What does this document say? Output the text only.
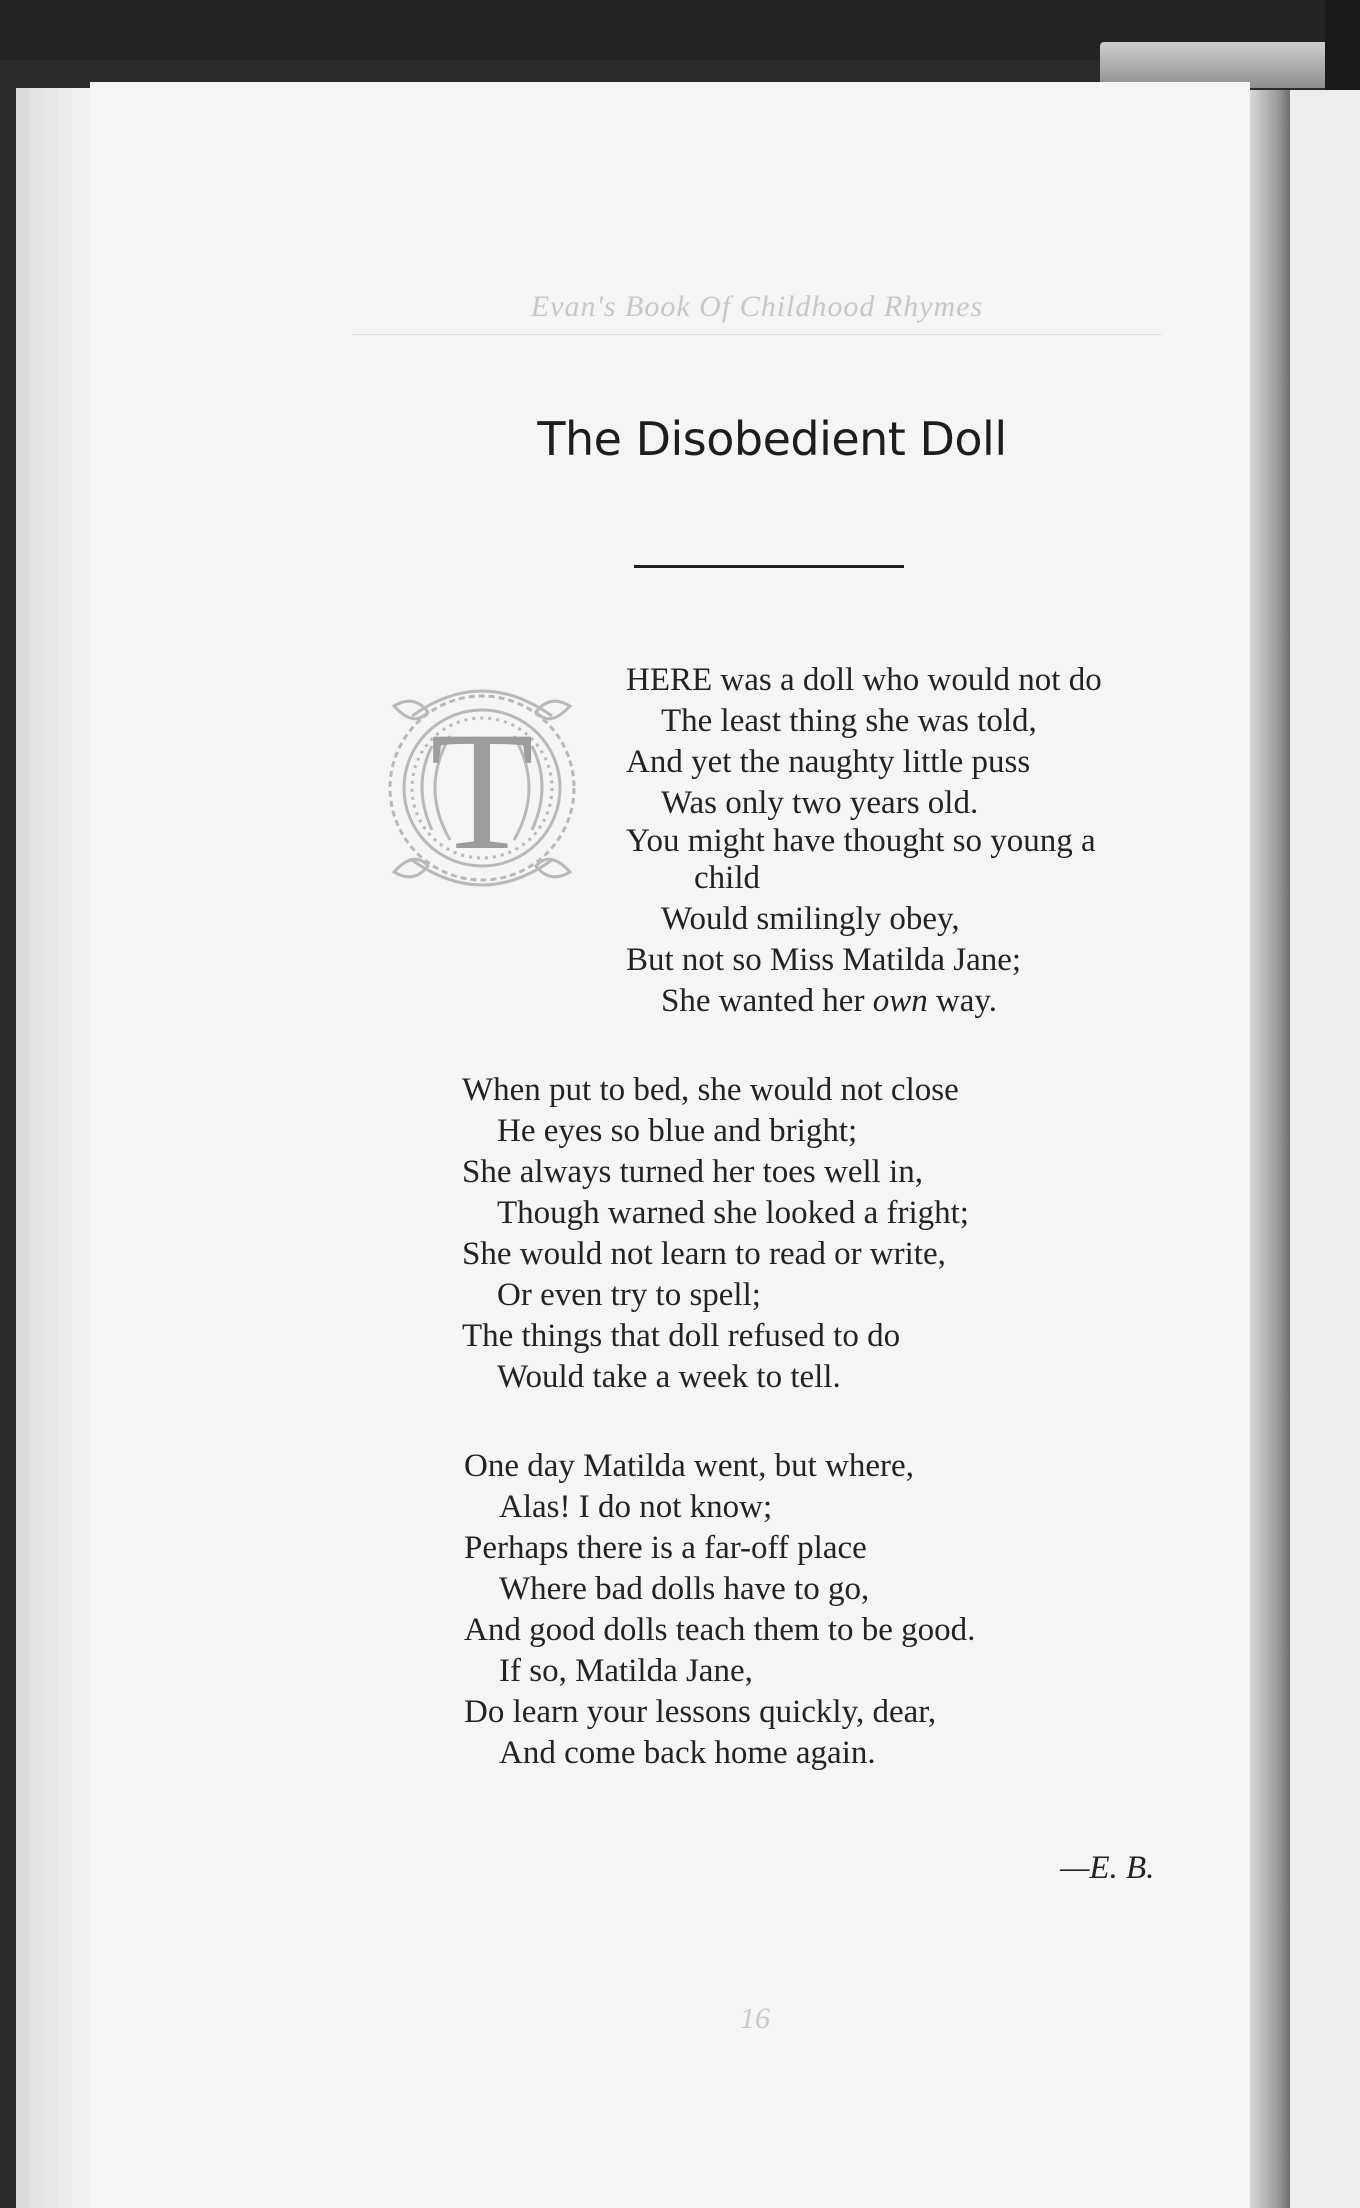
Evan's Book Of Childhood Rhymes
The Disobedient Doll
T
HERE was a doll who would not do
The least thing she was told,
And yet the naughty little puss
Was only two years old.
You might have thought so young a
child
Would smilingly obey,
But not so Miss Matilda Jane;
She wanted her own way.
When put to bed, she would not close
He eyes so blue and bright;
She always turned her toes well in,
Though warned she looked a fright;
She would not learn to read or write,
Or even try to spell;
The things that doll refused to do
Would take a week to tell.
One day Matilda went, but where,
Alas! I do not know;
Perhaps there is a far-off place
Where bad dolls have to go,
And good dolls teach them to be good.
If so, Matilda Jane,
Do learn your lessons quickly, dear,
And come back home again.
—E. B.
16
